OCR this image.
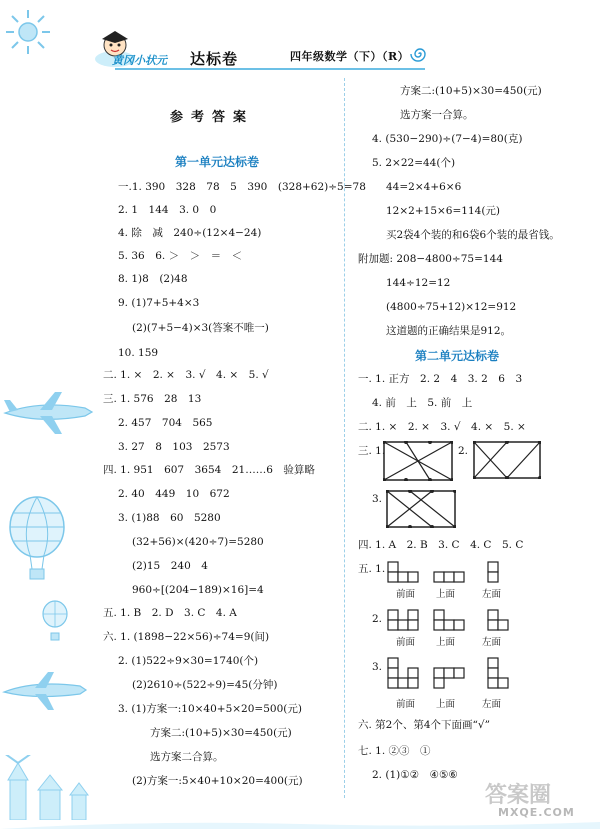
黄冈小状元 达标卷	四年级数学（下）（R）
参考答案
第一单元达标卷
一.1. 390　328　78　5　390　(328+62)÷5=78
2. 1　144　3. 0　0
4. 除　减　240÷(12×4−24)
5. 36　6. ＞　＞　＝　＜
8. 1)8　(2)48
9. (1)7+5+4×3
(2)(7+5−4)×3(答案不唯一)
10. 159
二. 1. ×　2. ×　3. √　4. ×　5. √
三. 1. 576　28　13
2. 457　704　565
3. 27　8　103　2573
四. 1. 951　607　3654　21……6　验算略
2. 40　449　10　672
3. (1)88　60　5280
(32+56)×(420÷7)=5280
(2)15　240　4
960÷[(204−189)×16]=4
五. 1. B　2. D　3. C　4. A
六. 1. (1898−22×56)÷74=9(间)
2. (1)522÷9×30=1740(个)
(2)2610÷(522÷9)=45(分钟)
3. (1)方案一:10×40+5×20=500(元)
方案二:(10+5)×30=450(元)
选方案二合算。
(2)方案一:5×40+10×20=400(元)
方案二:(10+5)×30=450(元)
选方案一合算。
4. (530−290)÷(7−4)=80(克)
5. 2×22=44(个)
44=2×4+6×6
12×2+15×6=114(元)
买2袋4个装的和6袋6个装的最省钱。
附加题: 208−4800÷75=144
144÷12=12
(4800÷75+12)×12=912
这道题的正确结果是912。
第二单元达标卷
一. 1. 正方　2. 2　4　3. 2　6　3
4. 前　上　5. 前　上
二. 1. ×　2. ×　3. √　4. ×　5. ×
三. 1.	2.
3.
四. 1. A　2. B　3. C　4. C　5. C
五. 1.
前面 上面	左面
2.
前面 上面	左面
3.
前面 上面	左面
六. 第2个、第4个下面画“√”
七. 1. ②③　①
2. (1)①②　④⑤⑥
答案圈
MXQE.COM
